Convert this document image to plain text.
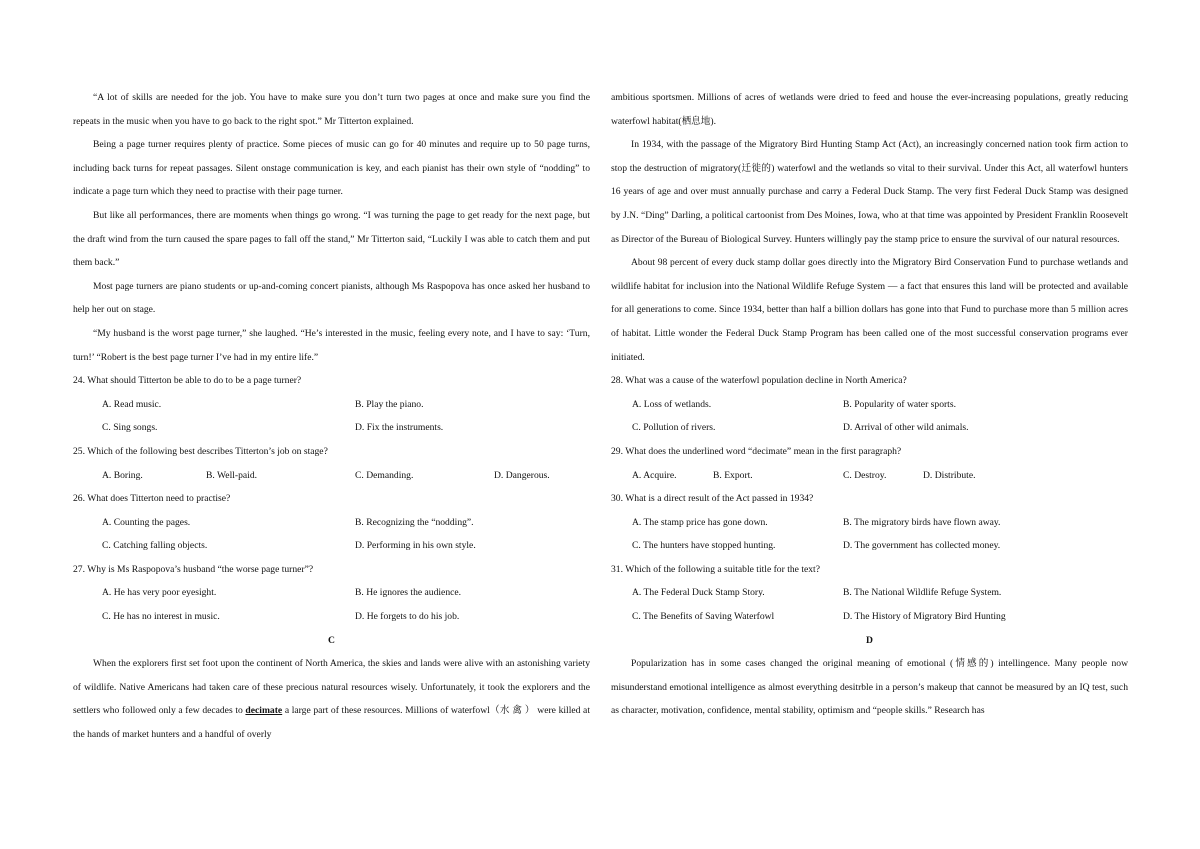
“A lot of skills are needed for the job. You have to make sure you don’t turn two pages at once and make sure you find the repeats in the music when you have to go back to the right spot.” Mr Titterton explained.

Being a page turner requires plenty of practice. Some pieces of music can go for 40 minutes and require up to 50 page turns, including back turns for repeat passages. Silent onstage communication is key, and each pianist has their own style of “nodding” to indicate a page turn which they need to practise with their page turner.

But like all performances, there are moments when things go wrong. “I was turning the page to get ready for the next page, but the draft wind from the turn caused the spare pages to fall off the stand,” Mr Titterton said, “Luckily I was able to catch them and put them back.”

Most page turners are piano students or up-and-coming concert pianists, although Ms Raspopova has once asked her husband to help her out on stage.

“My husband is the worst page turner,” she laughed. “He’s interested in the music, feeling every note, and I have to say: ‘Turn, turn!’ “Robert is the best page turner I’ve had in my entire life.”

24. What should Titterton be able to do to be a page turner?

A. Read music.	B. Play the piano.
C. Sing songs.	D. Fix the instruments.

25. Which of the following best describes Titterton’s job on stage?

A. Boring.	B. Well-paid.	C. Demanding.	D. Dangerous.

26. What does Titterton need to practise?

A. Counting the pages.	B. Recognizing the “nodding”.
C. Catching falling objects.	D. Performing in his own style.

27. Why is Ms Raspopova’s husband “the worse page turner”?

A. He has very poor eyesight.	B. He ignores the audience.
C. He has no interest in music.	D. He forgets to do his job.

C

When the explorers first set foot upon the continent of North America, the skies and lands were alive with an astonishing variety of wildlife. Native Americans had taken care of these precious natural resources wisely. Unfortunately, it took the explorers and the settlers who followed only a few decades to decimate a large part of these resources. Millions of waterfowl（水 禽 ） were killed at the hands of market hunters and a handful of overly

ambitious sportsmen. Millions of acres of wetlands were dried to feed and house the ever-increasing populations, greatly reducing waterfowl habitat(栖息地).

In 1934, with the passage of the Migratory Bird Hunting Stamp Act (Act), an increasingly concerned nation took firm action to stop the destruction of migratory(迁徙的) waterfowl and the wetlands so vital to their survival. Under this Act, all waterfowl hunters 16 years of age and over must annually purchase and carry a Federal Duck Stamp. The very first Federal Duck Stamp was designed by J.N. “Ding” Darling, a political cartoonist from Des Moines, Iowa, who at that time was appointed by President Franklin Roosevelt as Director of the Bureau of Biological Survey. Hunters willingly pay the stamp price to ensure the survival of our natural resources.

About 98 percent of every duck stamp dollar goes directly into the Migratory Bird Conservation Fund to purchase wetlands and wildlife habitat for inclusion into the National Wildlife Refuge System — a fact that ensures this land will be protected and available for all generations to come. Since 1934, better than half a billion dollars has gone into that Fund to purchase more than 5 million acres of habitat. Little wonder the Federal Duck Stamp Program has been called one of the most successful conservation programs ever initiated.

28. What was a cause of the waterfowl population decline in North America?

A. Loss of wetlands.	B. Popularity of water sports.
C. Pollution of rivers.	D. Arrival of other wild animals.

29. What does the underlined word “decimate” mean in the first paragraph?

A. Acquire.	B. Export.	C. Destroy.	D. Distribute.

30. What is a direct result of the Act passed in 1934?

A. The stamp price has gone down.	B. The migratory birds have flown away.
C. The hunters have stopped hunting.	D. The government has collected money.

31. Which of the following a suitable title for the text?

A. The Federal Duck Stamp Story.	B. The National Wildlife Refuge System.
C. The Benefits of Saving Waterfowl	D. The History of Migratory Bird Hunting

D

Popularization has in some cases changed the original meaning of emotional (情感的) intellingence. Many people now misunderstand emotional intelligence as almost everything desitrble in a person’s makeup that cannot be measured by an IQ test, such as character, motivation, confidence, mental stability, optimism and “people skills.” Research has
